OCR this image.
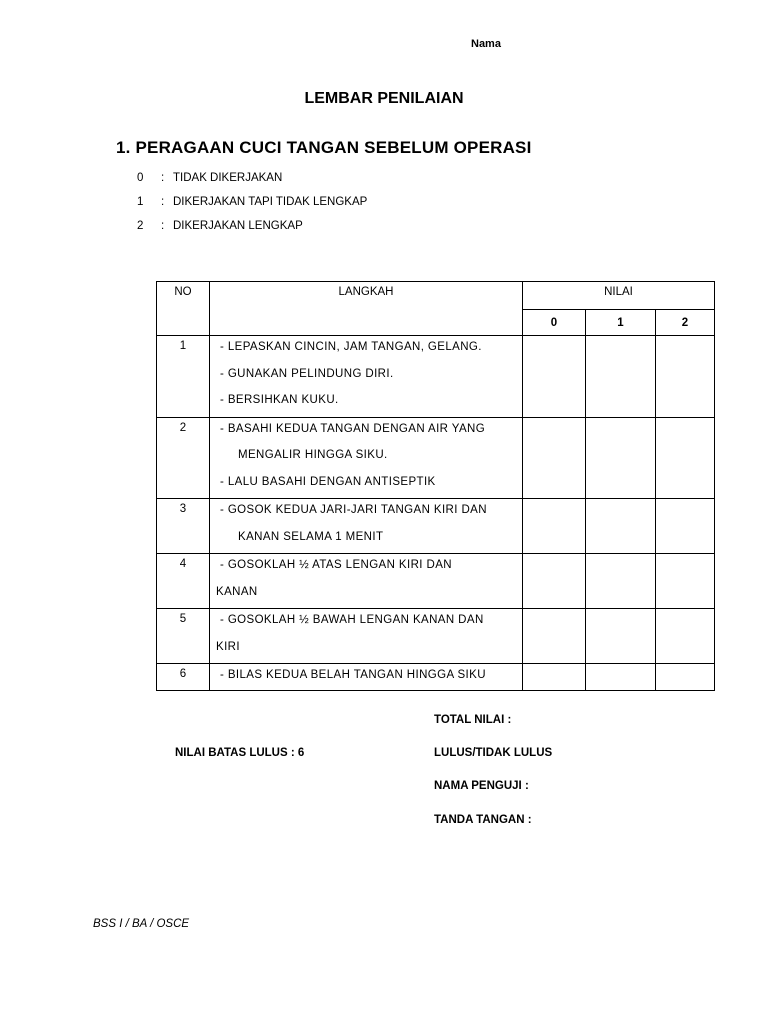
Nama
LEMBAR PENILAIAN
1. PERAGAAN CUCI TANGAN SEBELUM OPERASI
0 : TIDAK DIKERJAKAN
1 : DIKERJAKAN TAPI TIDAK LENGKAP
2 : DIKERJAKAN LENGKAP
NO	LANGKAH	NILAI		
		0	1	2
1	- LEPASKAN CINCIN, JAM TANGAN, GELANG.
- GUNAKAN PELINDUNG DIRI.
- BERSIHKAN KUKU.			

2	- BASAHI KEDUA TANGAN DENGAN AIR YANG
MENGALIR HINGGA SIKU.
- LALU BASAHI DENGAN ANTISEPTIK			

3	- GOSOK KEDUA JARI-JARI TANGAN KIRI DAN
KANAN SELAMA 1 MENIT			

4	- GOSOKLAH ½ ATAS LENGAN KIRI DAN
KANAN			

5	- GOSOKLAH ½ BAWAH LENGAN KANAN DAN
KIRI			

6	- BILAS KEDUA BELAH TANGAN HINGGA SIKU			

TOTAL NILAI :
NILAI BATAS LULUS : 6	LULUS/TIDAK LULUS
NAMA PENGUJI :
TANDA TANGAN :
BSS I / BA / OSCE
